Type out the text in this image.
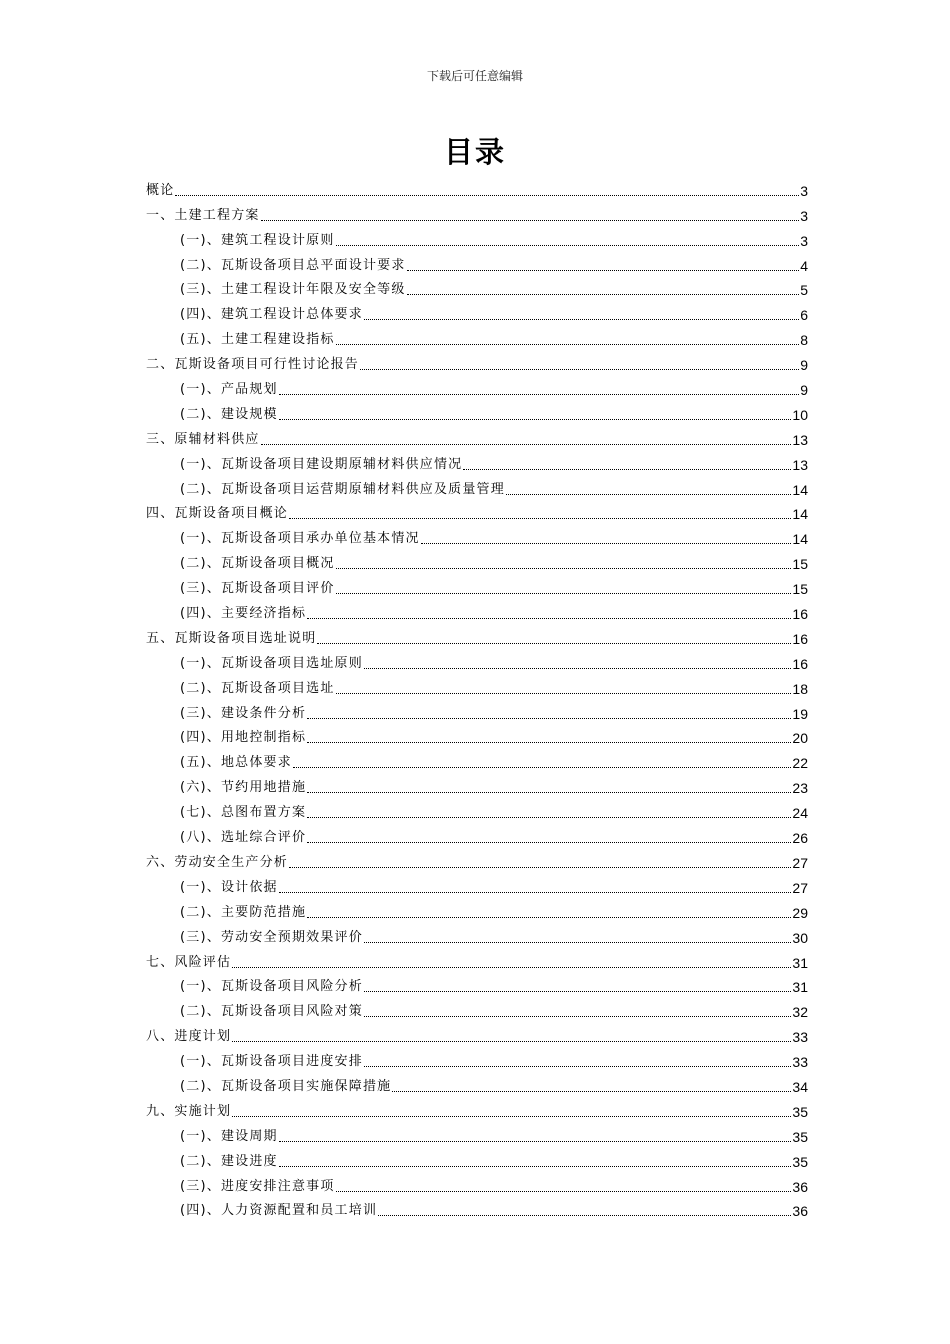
下载后可任意编辑
目录
概论	3
一、土建工程方案	3
(一)、建筑工程设计原则	3
(二)、瓦斯设备项目总平面设计要求	4
(三)、土建工程设计年限及安全等级	5
(四)、建筑工程设计总体要求	6
(五)、土建工程建设指标	8
二、瓦斯设备项目可行性讨论报告	9
(一)、产品规划	9
(二)、建设规模	10
三、原辅材料供应	13
(一)、瓦斯设备项目建设期原辅材料供应情况	13
(二)、瓦斯设备项目运营期原辅材料供应及质量管理	14
四、瓦斯设备项目概论	14
(一)、瓦斯设备项目承办单位基本情况	14
(二)、瓦斯设备项目概况	15
(三)、瓦斯设备项目评价	15
(四)、主要经济指标	16
五、瓦斯设备项目选址说明	16
(一)、瓦斯设备项目选址原则	16
(二)、瓦斯设备项目选址	18
(三)、建设条件分析	19
(四)、用地控制指标	20
(五)、地总体要求	22
(六)、节约用地措施	23
(七)、总图布置方案	24
(八)、选址综合评价	26
六、劳动安全生产分析	27
(一)、设计依据	27
(二)、主要防范措施	29
(三)、劳动安全预期效果评价	30
七、风险评估	31
(一)、瓦斯设备项目风险分析	31
(二)、瓦斯设备项目风险对策	32
八、进度计划	33
(一)、瓦斯设备项目进度安排	33
(二)、瓦斯设备项目实施保障措施	34
九、实施计划	35
(一)、建设周期	35
(二)、建设进度	35
(三)、进度安排注意事项	36
(四)、人力资源配置和员工培训	36
